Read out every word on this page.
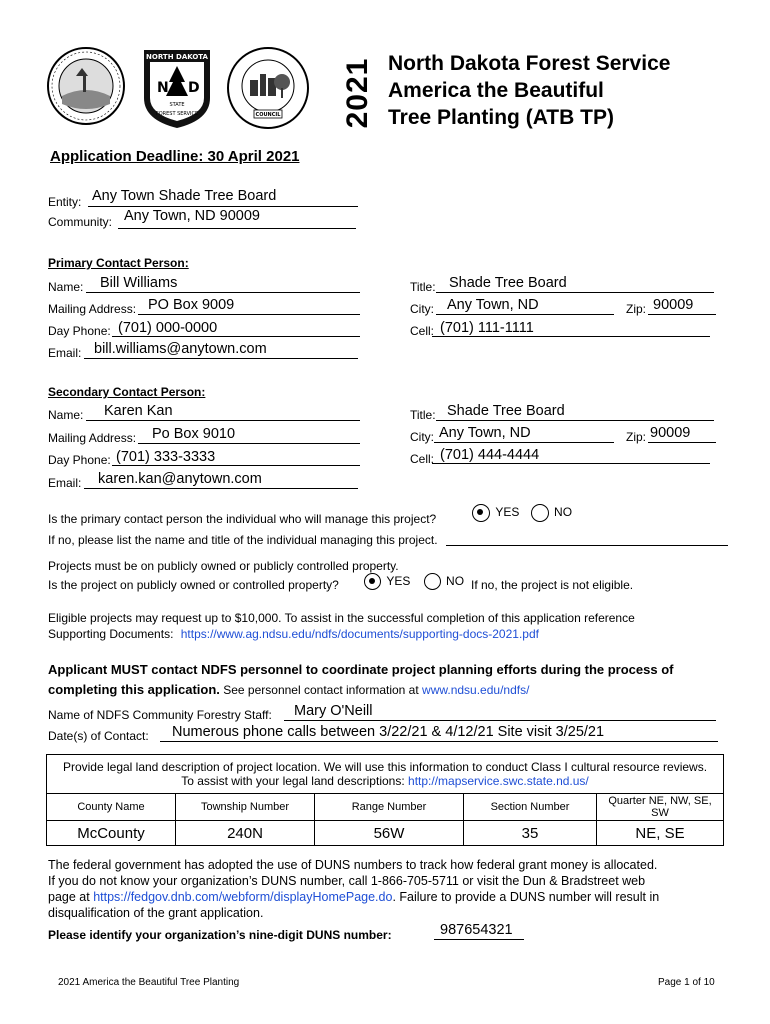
NORTH DAKOTA
N D
STATE
FOREST SERVICE	COUNCIL 2021 North Dakota Forest Service
America the Beautiful
Tree Planting (ATB TP)
Application Deadline: 30 April 2021
Entity: Any Town Shade Tree Board
Community: Any Town, ND 90009
Primary Contact Person:
Name: Bill Williams	Title: Shade Tree Board
Mailing Address: PO Box 9009	City: Any Town, ND	Zip: 90009
Day Phone: (701) 000-0000	Cell: (701) 111-1111
Email: bill.williams@anytown.com
Secondary Contact Person:
Name: Karen Kan	Title: Shade Tree Board
Mailing Address: Po Box 9010	City: Any Town, ND	Zip: 90009
Day Phone: (701) 333-3333	Cell: (701) 444-4444
Email: karen.kan@anytown.com
Is the primary contact person the individual who will manage this project?	YES	NO
If no, please list the name and title of the individual managing this project.
Projects must be on publicly owned or publicly controlled property.
Is the project on publicly owned or controlled property?	YES	NO If no, the project is not eligible.
Eligible projects may request up to $10,000. To assist in the successful completion of this application reference
Supporting Documents: https://www.ag.ndsu.edu/ndfs/documents/supporting-docs-2021.pdf
Applicant MUST contact NDFS personnel to coordinate project planning efforts during the process of
completing this application. See personnel contact information at www.ndsu.edu/ndfs/
Name of NDFS Community Forestry Staff: Mary O'Neill
Date(s) of Contact: Numerous phone calls between 3/22/21 & 4/12/21 Site visit 3/25/21
Provide legal land description of project location. We will use this information to conduct Class I cultural resource reviews.
To assist with your legal land descriptions: http://mapservice.swc.state.nd.us/				

County Name	Township Number	Range Number	Section Number	Quarter NE, NW, SE, SW
McCounty	240N	56W	35	NE, SE
The federal government has adopted the use of DUNS numbers to track how federal grant money is allocated.
If you do not know your organization’s DUNS number, call 1-866-705-5711 or visit the Dun & Bradstreet web
page at https://fedgov.dnb.com/webform/displayHomePage.do. Failure to provide a DUNS number will result in
disqualification of the grant application.
Please identify your organization’s nine-digit DUNS number:	987654321
2021 America the Beautiful Tree Planting	Page 1 of 10
